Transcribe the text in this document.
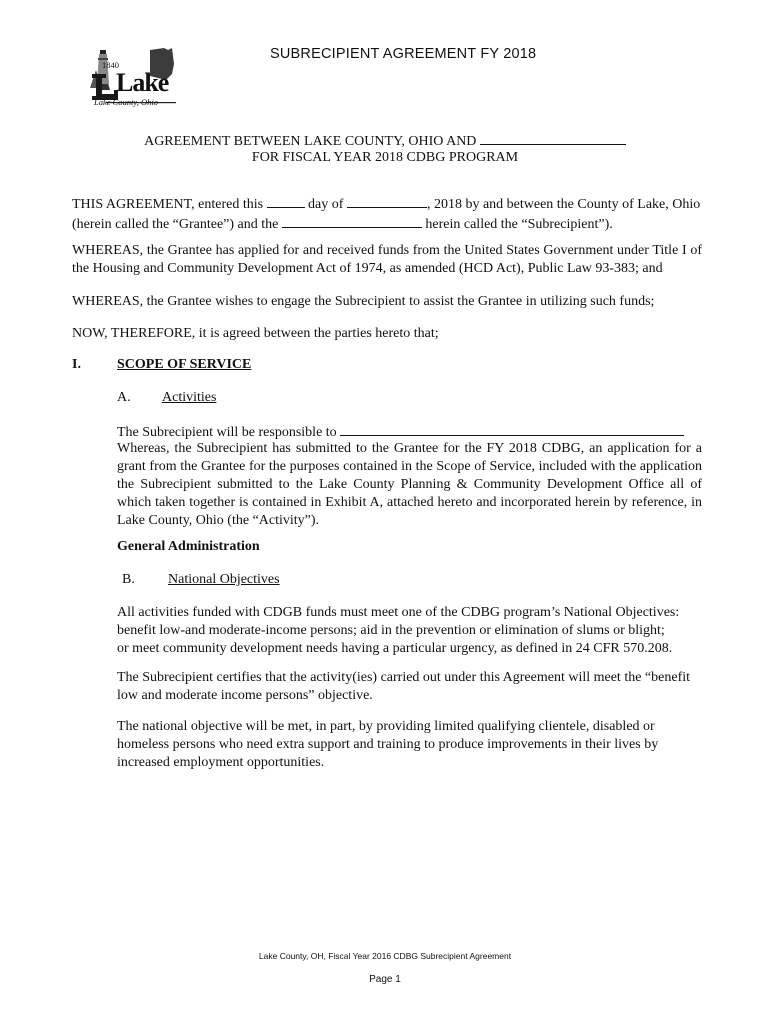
1840
Lake
Lake County, Ohio
SUBRECIPIENT AGREEMENT FY 2018
AGREEMENT BETWEEN LAKE COUNTY, OHIO AND
FOR FISCAL YEAR 2018 CDBG PROGRAM
THIS AGREEMENT, entered this	day of	, 2018 by and between the County of Lake, Ohio
(herein called the “Grantee”) and the	herein called the “Subrecipient”).
WHEREAS, the Grantee has applied for and received funds from the United States Government under Title I of the Housing and Community Development Act of 1974, as amended (HCD Act), Public Law 93-383; and
WHEREAS, the Grantee wishes to engage the Subrecipient to assist the Grantee in utilizing such funds;
NOW, THEREFORE, it is agreed between the parties hereto that;
I.	SCOPE OF SERVICE
A. Activities
The Subrecipient will be responsible to
Whereas, the Subrecipient has submitted to the Grantee for the FY 2018 CDBG, an application for a grant from the Grantee for the purposes contained in the Scope of Service, included with the application the Subrecipient submitted to the Lake County Planning & Community Development Office all of which taken together is contained in Exhibit A, attached hereto and incorporated herein by reference, in Lake County, Ohio (the “Activity”).
General Administration
B. National Objectives
All activities funded with CDGB funds must meet one of the CDBG program’s National Objectives:
benefit low-and moderate-income persons; aid in the prevention or elimination of slums or blight;
or meet community development needs having a particular urgency, as defined in 24 CFR 570.208.
The Subrecipient certifies that the activity(ies) carried out under this Agreement will meet the “benefit
low and moderate income persons” objective.
The national objective will be met, in part, by providing limited qualifying clientele, disabled or
homeless persons who need extra support and training to produce improvements in their lives by
increased employment opportunities.
Lake County, OH, Fiscal Year 2016 CDBG Subrecipient Agreement
Page 1
